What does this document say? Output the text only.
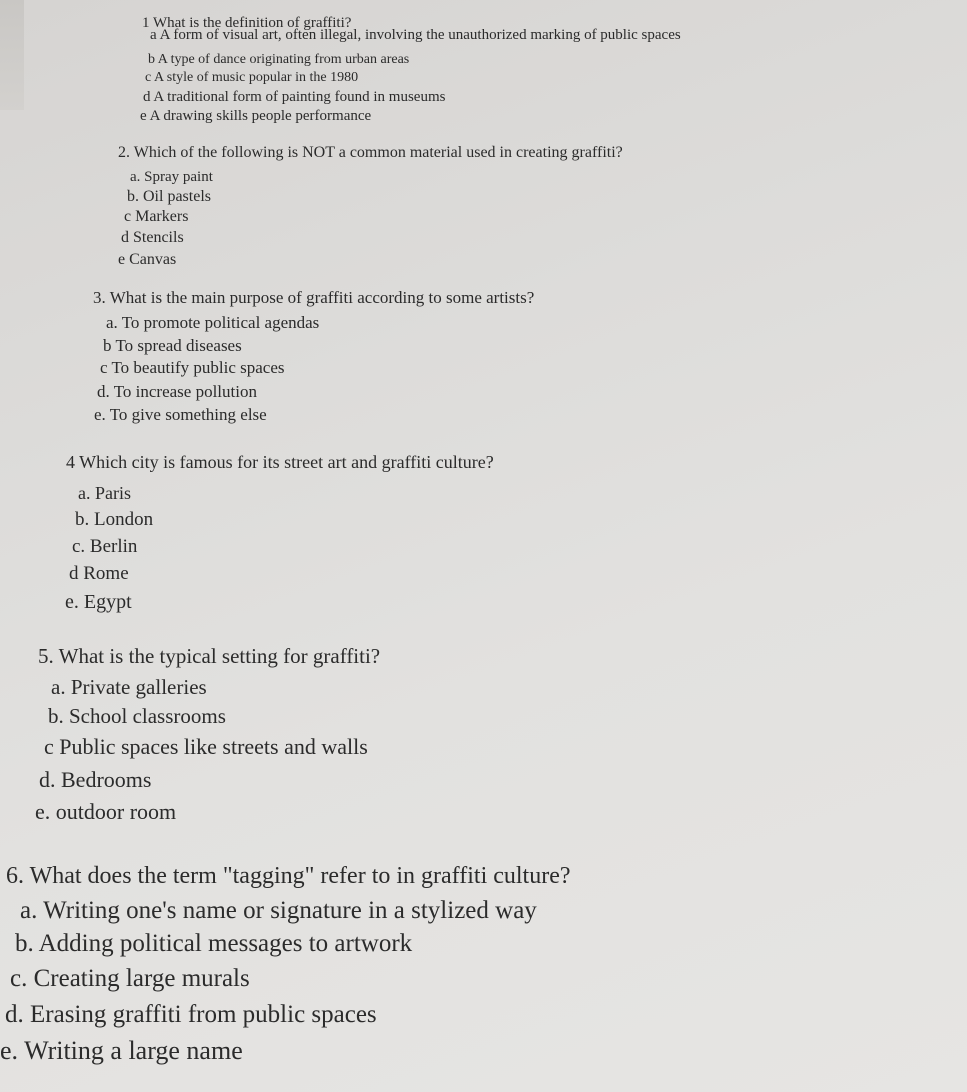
1 What is the definition of graffiti?
a A form of visual art, often illegal, involving the unauthorized marking of public spaces
b A type of dance originating from urban areas
c A style of music popular in the 1980
d A traditional form of painting found in museums
e A drawing skills people performance
2. Which of the following is NOT a common material used in creating graffiti?
a. Spray paint
b. Oil pastels
c Markers
d Stencils
e Canvas
3. What is the main purpose of graffiti according to some artists?
a. To promote political agendas
b To spread diseases
c To beautify public spaces
d. To increase pollution
e. To give something else
4 Which city is famous for its street art and graffiti culture?
a. Paris
b. London
c. Berlin
d Rome
e. Egypt
5. What is the typical setting for graffiti?
a. Private galleries
b. School classrooms
c Public spaces like streets and walls
d. Bedrooms
e. outdoor room
6. What does the term "tagging" refer to in graffiti culture?
a. Writing one's name or signature in a stylized way
b. Adding political messages to artwork
c. Creating large murals
d. Erasing graffiti from public spaces
e. Writing a large name
